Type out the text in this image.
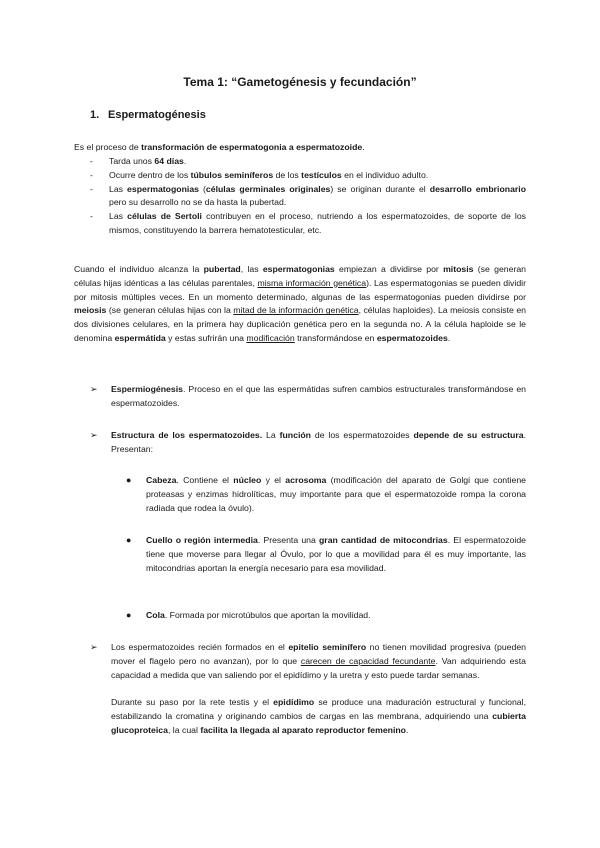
Tema 1: “Gametogénesis y fecundación”
1. Espermatogénesis
Es el proceso de transformación de espermatogonia a espermatozoide.
- Tarda unos 64 días.
- Ocurre dentro de los túbulos seminíferos de los testículos en el individuo adulto.
- Las espermatogonias (células germinales originales) se originan durante el desarrollo embrionario pero su desarrollo no se da hasta la pubertad.
- Las células de Sertoli contribuyen en el proceso, nutriendo a los espermatozoides, de soporte de los mismos, constituyendo la barrera hematotesticular, etc.
Cuando el individuo alcanza la pubertad, las espermatogonias empiezan a dividirse por mitosis (se generan células hijas idénticas a las células parentales, misma información genética). Las espermatogonias se pueden dividir por mitosis múltiples veces. En un momento determinado, algunas de las espermatogonias pueden dividirse por meiosis (se generan células hijas con la mitad de la información genética, células haploides). La meiosis consiste en dos divisiones celulares, en la primera hay duplicación genética pero en la segunda no. A la célula haploide se le denomina espermátida y estas sufrirán una modificación transformándose en espermatozoides.
➢ Espermiogénesis. Proceso en el que las espermátidas sufren cambios estructurales transformándose en espermatozoides.
➢ Estructura de los espermatozoides. La función de los espermatozoides depende de su estructura. Presentan:
● Cabeza. Contiene el núcleo y el acrosoma (modificación del aparato de Golgi que contiene proteasas y enzimas hidrolíticas, muy importante para que el espermatozoide rompa la corona radiada que rodea la óvulo).
● Cuello o región intermedia. Presenta una gran cantidad de mitocondrias. El espermatozoide tiene que moverse para llegar al Óvulo, por lo que a movilidad para él es muy importante, las mitocondrias aportan la energía necesario para esa movilidad.
● Cola. Formada por microtúbulos que aportan la movilidad.
➢ Los espermatozoides recién formados en el epitelio seminífero no tienen movilidad progresiva (pueden mover el flagelo pero no avanzan), por lo que carecen de capacidad fecundante. Van adquiriendo esta capacidad a medida que van saliendo por el epidídimo y la uretra y esto puede tardar semanas.
Durante su paso por la rete testis y el epidídimo se produce una maduración estructural y funcional, estabilizando la cromatina y originando cambios de cargas en las membrana, adquiriendo una cubierta glucoproteica, la cual facilita la llegada al aparato reproductor femenino.
